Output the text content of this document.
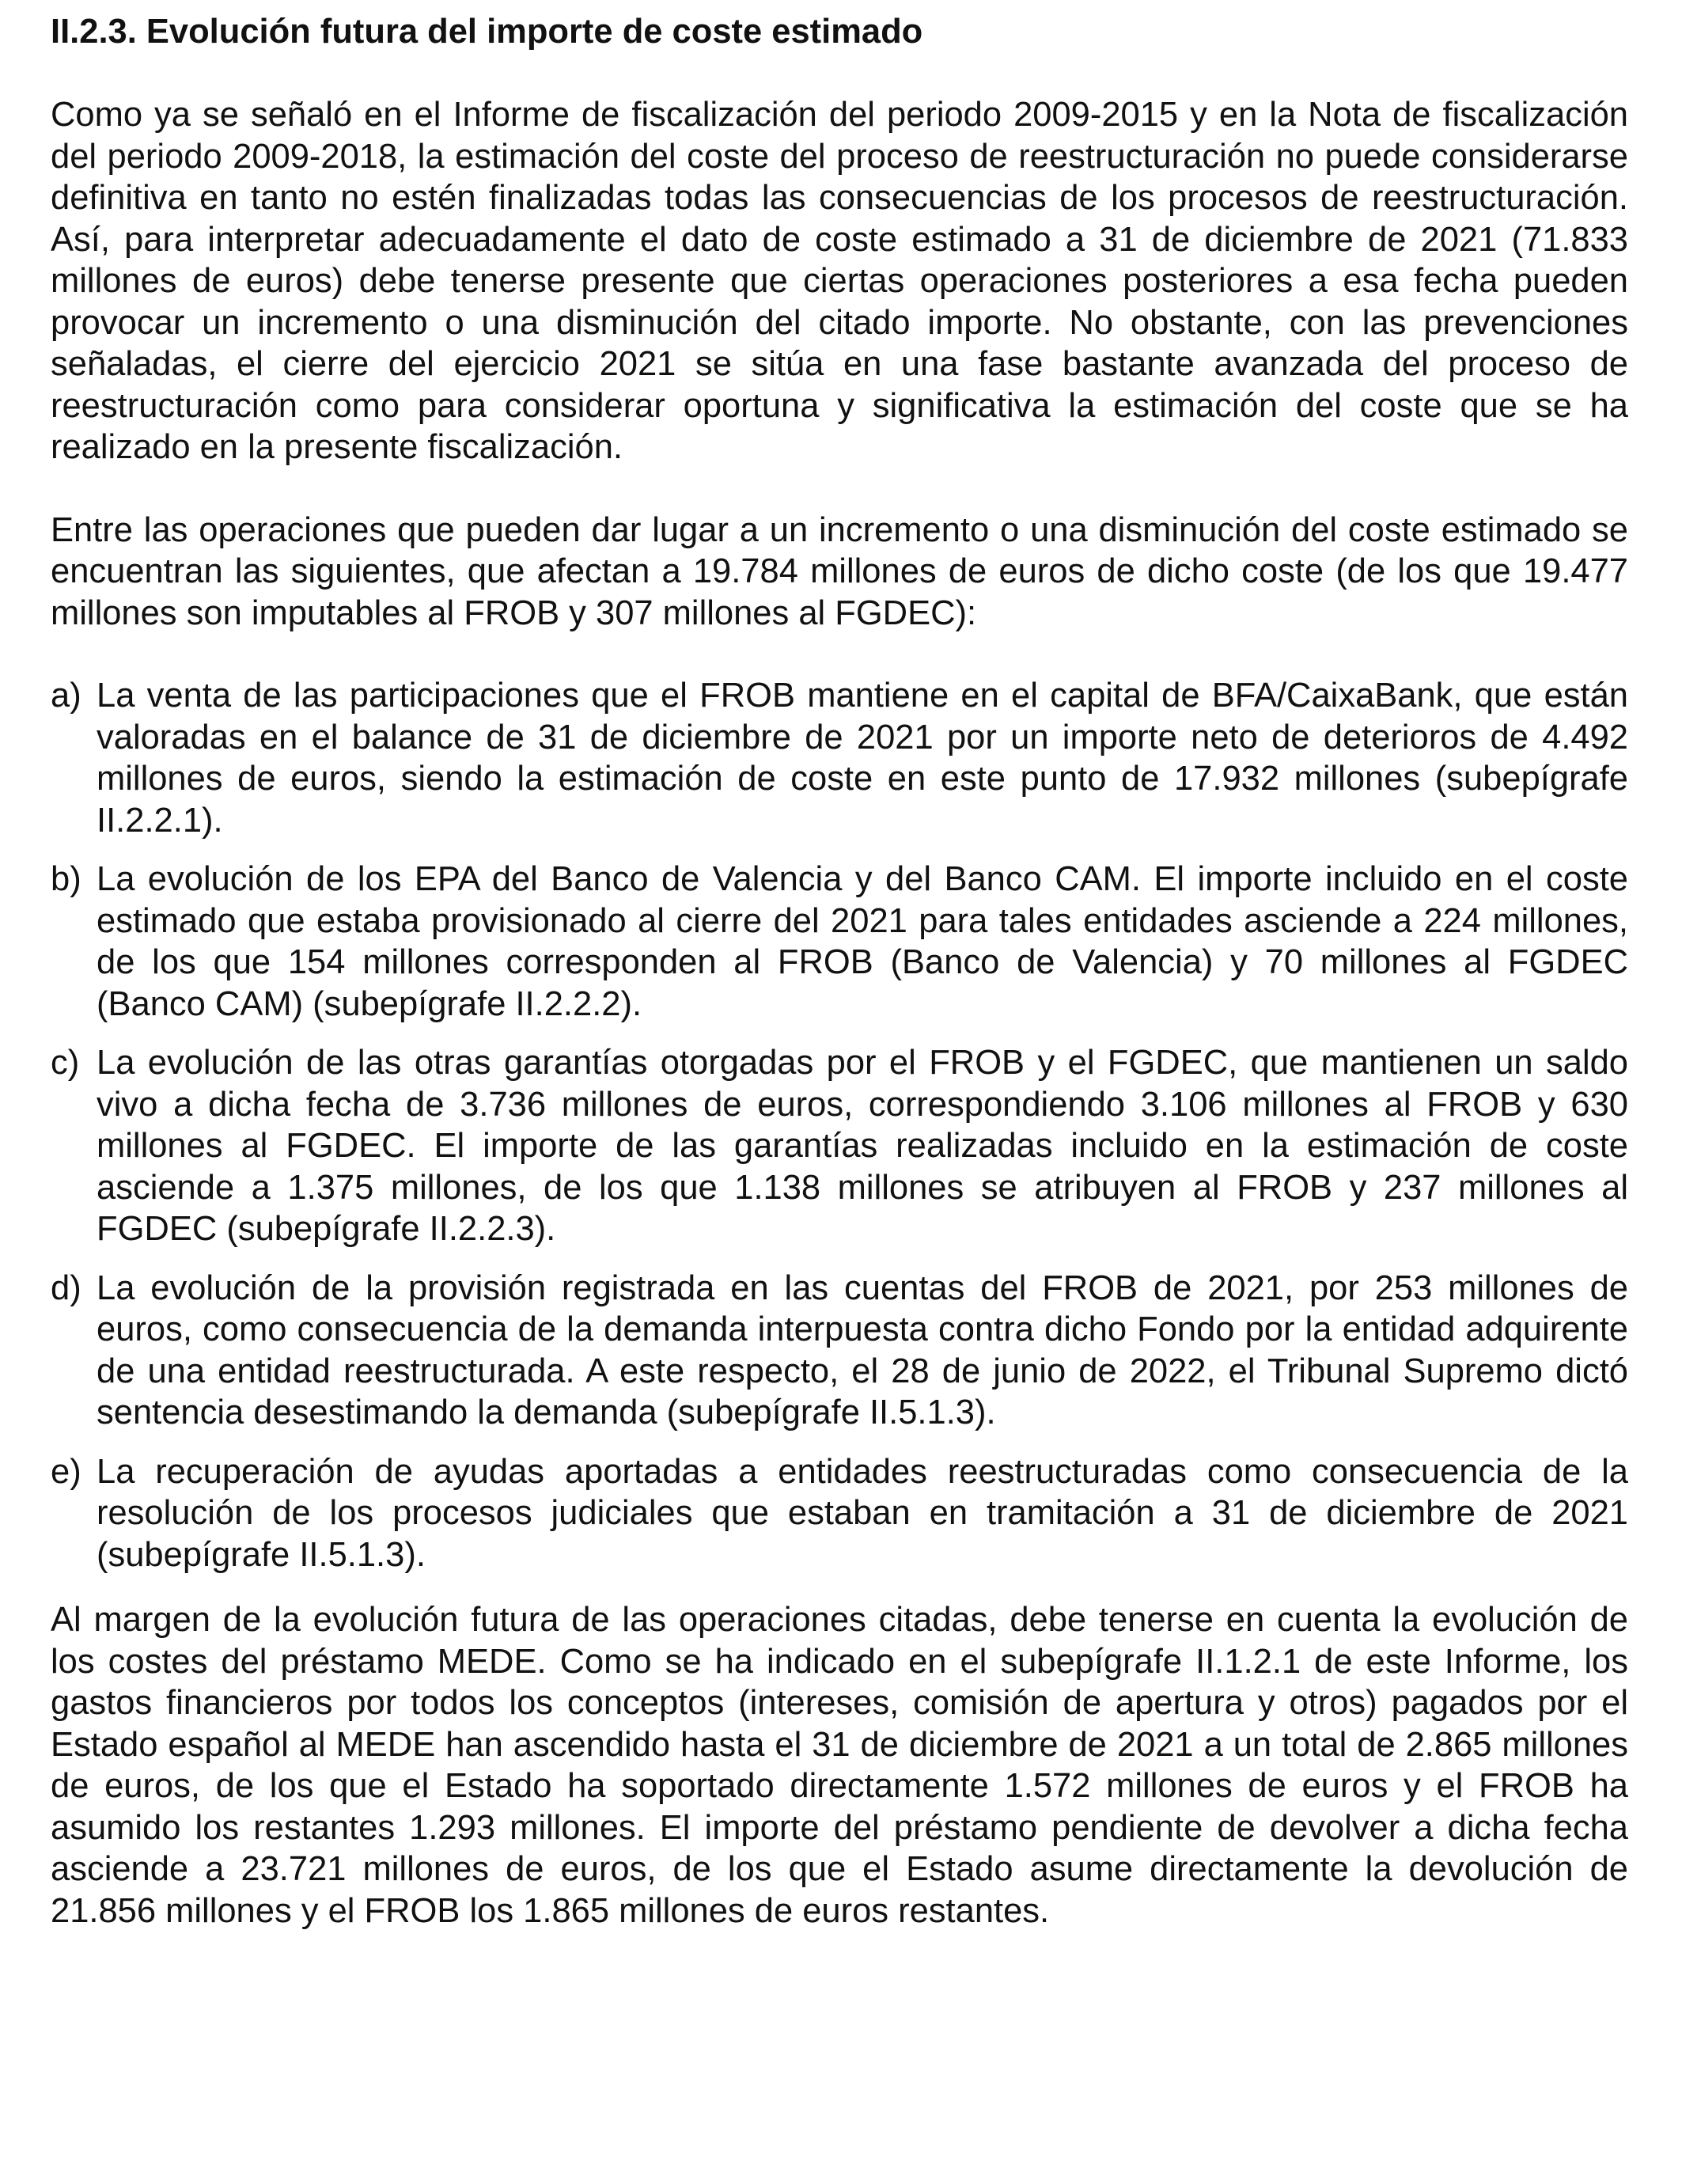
II.2.3. Evolución futura del importe de coste estimado

Como ya se señaló en el Informe de fiscalización del periodo 2009-2015 y en la Nota de fiscalización del periodo 2009-2018, la estimación del coste del proceso de reestructuración no puede considerarse definitiva en tanto no estén finalizadas todas las consecuencias de los procesos de reestructuración. Así, para interpretar adecuadamente el dato de coste estimado a 31 de diciembre de 2021 (71.833 millones de euros) debe tenerse presente que ciertas operaciones posteriores a esa fecha pueden provocar un incremento o una disminución del citado importe. No obstante, con las prevenciones señaladas, el cierre del ejercicio 2021 se sitúa en una fase bastante avanzada del proceso de reestructuración como para considerar oportuna y significativa la estimación del coste que se ha realizado en la presente fiscalización.

Entre las operaciones que pueden dar lugar a un incremento o una disminución del coste estimado se encuentran las siguientes, que afectan a 19.784 millones de euros de dicho coste (de los que 19.477 millones son imputables al FROB y 307 millones al FGDEC):

a) La venta de las participaciones que el FROB mantiene en el capital de BFA/CaixaBank, que están valoradas en el balance de 31 de diciembre de 2021 por un importe neto de deterioros de 4.492 millones de euros, siendo la estimación de coste en este punto de 17.932 millones (subepígrafe II.2.2.1).
b) La evolución de los EPA del Banco de Valencia y del Banco CAM. El importe incluido en el coste estimado que estaba provisionado al cierre del 2021 para tales entidades asciende a 224 millones, de los que 154 millones corresponden al FROB (Banco de Valencia) y 70 millones al FGDEC (Banco CAM) (subepígrafe II.2.2.2).
c) La evolución de las otras garantías otorgadas por el FROB y el FGDEC, que mantienen un saldo vivo a dicha fecha de 3.736 millones de euros, correspondiendo 3.106 millones al FROB y 630 millones al FGDEC. El importe de las garantías realizadas incluido en la estimación de coste asciende a 1.375 millones, de los que 1.138 millones se atribuyen al FROB y 237 millones al FGDEC (subepígrafe II.2.2.3).
d) La evolución de la provisión registrada en las cuentas del FROB de 2021, por 253 millones de euros, como consecuencia de la demanda interpuesta contra dicho Fondo por la entidad adquirente de una entidad reestructurada. A este respecto, el 28 de junio de 2022, el Tribunal Supremo dictó sentencia desestimando la demanda (subepígrafe II.5.1.3).
e) La recuperación de ayudas aportadas a entidades reestructuradas como consecuencia de la resolución de los procesos judiciales que estaban en tramitación a 31 de diciembre de 2021 (subepígrafe II.5.1.3).

Al margen de la evolución futura de las operaciones citadas, debe tenerse en cuenta la evolución de los costes del préstamo MEDE. Como se ha indicado en el subepígrafe II.1.2.1 de este Informe, los gastos financieros por todos los conceptos (intereses, comisión de apertura y otros) pagados por el Estado español al MEDE han ascendido hasta el 31 de diciembre de 2021 a un total de 2.865 millones de euros, de los que el Estado ha soportado directamente 1.572 millones de euros y el FROB ha asumido los restantes 1.293 millones. El importe del préstamo pendiente de devolver a dicha fecha asciende a 23.721 millones de euros, de los que el Estado asume directamente la devolución de 21.856 millones y el FROB los 1.865 millones de euros restantes.
